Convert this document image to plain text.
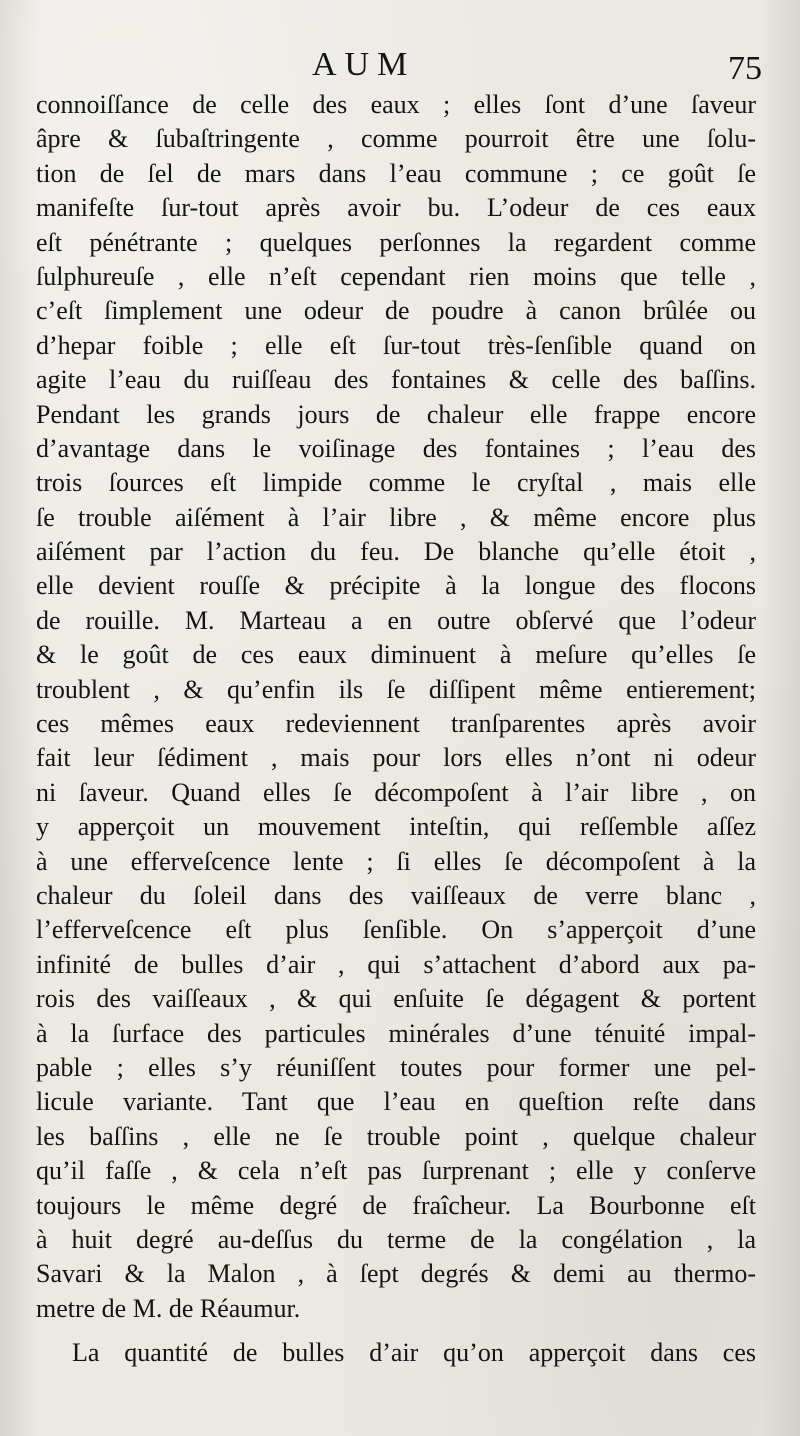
AUM	75
connoiſſance de celle des eaux ; elles ſont d’une ſaveur
âpre & ſubaſtringente , comme pourroit être une ſolu-
tion de ſel de mars dans l’eau commune ; ce goût ſe
manifeſte ſur-tout après avoir bu. L’odeur de ces eaux
eſt pénétrante ; quelques perſonnes la regardent comme
ſulphureuſe , elle n’eſt cependant rien moins que telle ,
c’eſt ſimplement une odeur de poudre à canon brûlée ou
d’hepar foible ; elle eſt ſur-tout très-ſenſible quand on
agite l’eau du ruiſſeau des fontaines & celle des baſſins.
Pendant les grands jours de chaleur elle frappe encore
d’avantage dans le voiſinage des fontaines ; l’eau des
trois ſources eſt limpide comme le cryſtal , mais elle
ſe trouble aiſément à l’air libre , & même encore plus
aiſément par l’action du feu. De blanche qu’elle étoit ,
elle devient rouſſe & précipite à la longue des flocons
de rouille. M. Marteau a en outre obſervé que l’odeur
& le goût de ces eaux diminuent à meſure qu’elles ſe
troublent , & qu’enfin ils ſe diſſipent même entierement;
ces mêmes eaux redeviennent tranſparentes après avoir
fait leur ſédiment , mais pour lors elles n’ont ni odeur
ni ſaveur. Quand elles ſe décompoſent à l’air libre , on
y apperçoit un mouvement inteſtin, qui reſſemble aſſez
à une efferveſcence lente ; ſi elles ſe décompoſent à la
chaleur du ſoleil dans des vaiſſeaux de verre blanc ,
l’efferveſcence eſt plus ſenſible. On s’apperçoit d’une
infinité de bulles d’air , qui s’attachent d’abord aux pa-
rois des vaiſſeaux , & qui enſuite ſe dégagent & portent
à la ſurface des particules minérales d’une ténuité impal-
pable ; elles s’y réuniſſent toutes pour former une pel-
licule variante. Tant que l’eau en queſtion reſte dans
les baſſins , elle ne ſe trouble point , quelque chaleur
qu’il faſſe , & cela n’eſt pas ſurprenant ; elle y conſerve
toujours le même degré de fraîcheur. La Bourbonne eſt
à huit degré au-deſſus du terme de la congélation , la
Savari & la Malon , à ſept degrés & demi au thermo-
metre de M. de Réaumur.
La quantité de bulles d’air qu’on apperçoit dans ces
